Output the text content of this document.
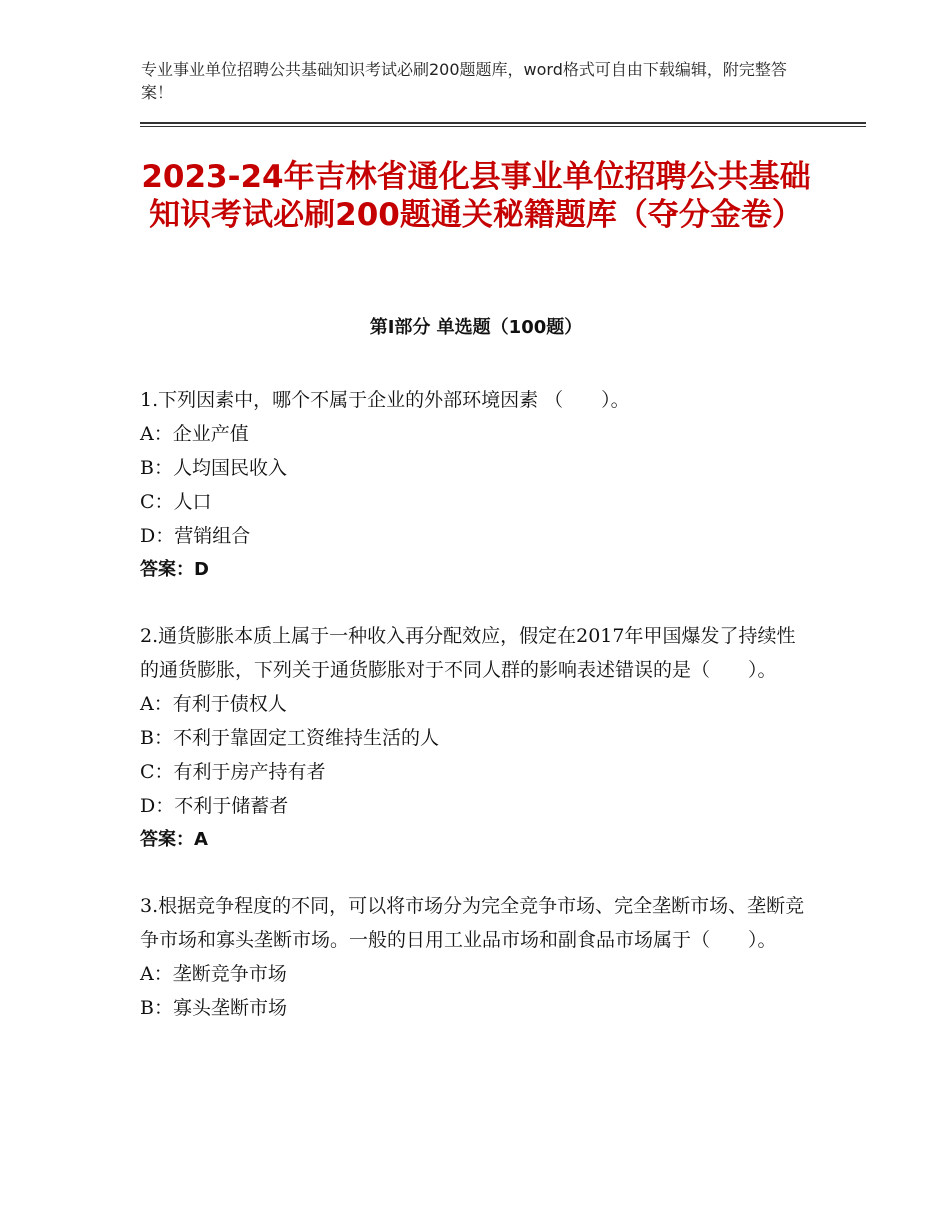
专业事业单位招聘公共基础知识考试必刷200题题库，word格式可自由下载编辑，附完整答案！
2023-24年吉林省通化县事业单位招聘公共基础知识考试必刷200题通关秘籍题库（夺分金卷）
第Ⅰ部分 单选题（100题）

1.下列因素中，哪个不属于企业的外部环境因素 （　　）。

A：企业产值

B：人均国民收入

C：人口

D：营销组合

答案：D

2.通货膨胀本质上属于一种收入再分配效应，假定在2017年甲国爆发了持续性的通货膨胀，下列关于通货膨胀对于不同人群的影响表述错误的是（　　）。

A：有利于债权人

B：不利于靠固定工资维持生活的人

C：有利于房产持有者

D：不利于储蓄者

答案：A

3.根据竞争程度的不同，可以将市场分为完全竞争市场、完全垄断市场、垄断竞争市场和寡头垄断市场。一般的日用工业品市场和副食品市场属于（　　）。

A：垄断竞争市场

B：寡头垄断市场
